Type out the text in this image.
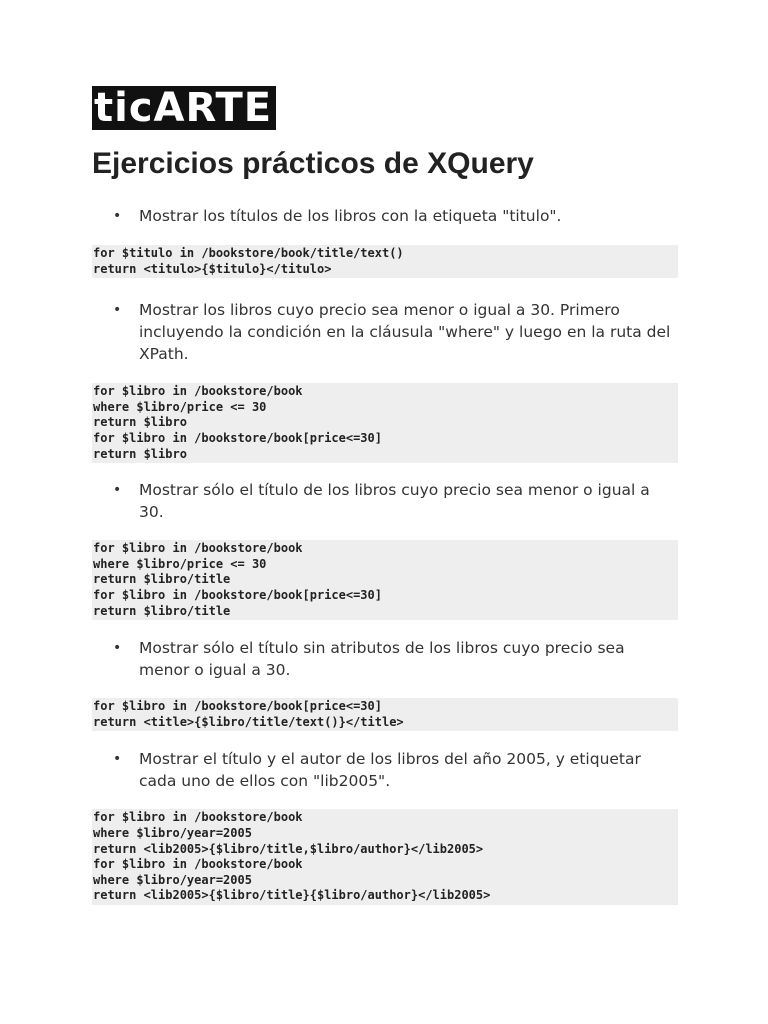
ticARTE
Ejercicios prácticos de XQuery
• Mostrar los títulos de los libros con la etiqueta "titulo".
for $titulo in /bookstore/book/title/text()
return <titulo>{$titulo}</titulo>
• Mostrar los libros cuyo precio sea menor o igual a 30. Primero incluyendo la condición en la cláusula "where" y luego en la ruta del XPath.
for $libro in /bookstore/book
where $libro/price <= 30
return $libro
for $libro in /bookstore/book[price<=30]
return $libro
• Mostrar sólo el título de los libros cuyo precio sea menor o igual a 30.
for $libro in /bookstore/book
where $libro/price <= 30
return $libro/title
for $libro in /bookstore/book[price<=30]
return $libro/title
• Mostrar sólo el título sin atributos de los libros cuyo precio sea menor o igual a 30.
for $libro in /bookstore/book[price<=30]
return <title>{$libro/title/text()}</title>
• Mostrar el título y el autor de los libros del año 2005, y etiquetar cada uno de ellos con "lib2005".
for $libro in /bookstore/book
where $libro/year=2005
return <lib2005>{$libro/title,$libro/author}</lib2005>
for $libro in /bookstore/book
where $libro/year=2005
return <lib2005>{$libro/title}{$libro/author}</lib2005>
